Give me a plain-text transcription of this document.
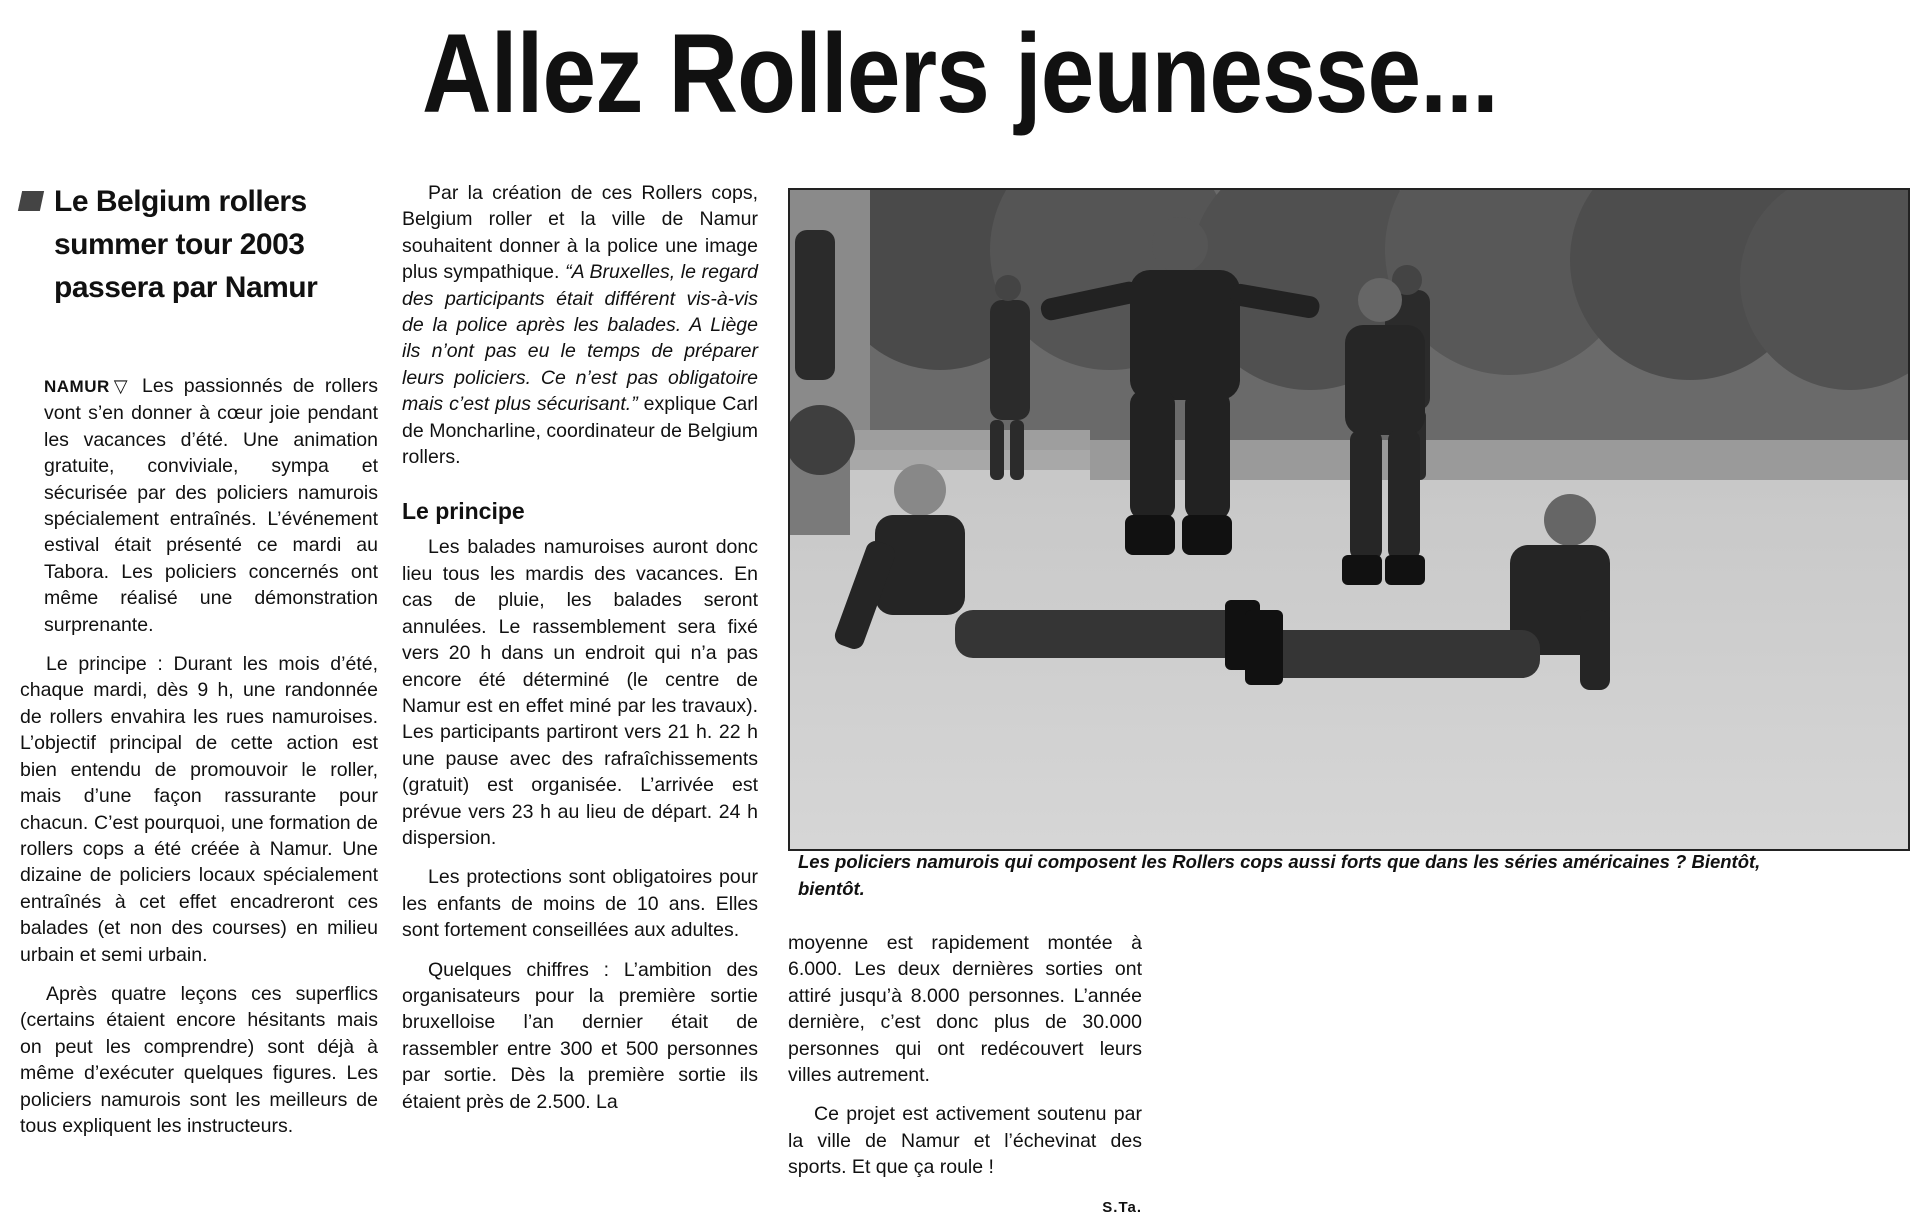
Allez Rollers jeunesse...
Le Belgium rollers
summer tour 2003
passera par Namur

NAMUR ▽ Les passionnés de rollers vont s’en donner à cœur joie pendant les vacances d’été. Une animation gratuite, conviviale, sympa et sécurisée par des policiers namurois spécialement entraînés. L’événement estival était présenté ce mardi au Tabora. Les policiers concernés ont même réalisé une démonstration surprenante.

Le principe : Durant les mois d’été, chaque mardi, dès 9 h, une randonnée de rollers envahira les rues namuroises. L’objectif principal de cette action est bien entendu de promouvoir le roller, mais d’une façon rassurante pour chacun. C’est pourquoi, une formation de rollers cops a été créée à Namur. Une dizaine de policiers locaux spécialement entraînés à cet effet encadreront ces balades (et non des courses) en milieu urbain et semi urbain.

Après quatre leçons ces superflics (certains étaient encore hésitants mais on peut les comprendre) sont déjà à même d’exécuter quelques figures. Les policiers namurois sont les meilleurs de tous expliquent les instructeurs.

Par la création de ces Rollers cops, Belgium roller et la ville de Namur souhaitent donner à la police une image plus sympathique. “A Bruxelles, le regard des participants était différent vis-à-vis de la police après les balades. A Liège ils n’ont pas eu le temps de préparer leurs policiers. Ce n’est pas obligatoire mais c’est plus sécurisant.” explique Carl de Moncharline, coordinateur de Belgium rollers.

Le principe

Les balades namuroises auront donc lieu tous les mardis des vacances. En cas de pluie, les balades seront annulées. Le rassemblement sera fixé vers 20 h dans un endroit qui n’a pas encore été déterminé (le centre de Namur est en effet miné par les travaux). Les participants partiront vers 21 h. 22 h une pause avec des rafraîchissements (gratuit) est organisée. L’arrivée est prévue vers 23 h au lieu de départ. 24 h dispersion.

Les protections sont obligatoires pour les enfants de moins de 10 ans. Elles sont fortement conseillées aux adultes.

Quelques chiffres : L’ambition des organisateurs pour la première sortie bruxelloise l’an dernier était de rassembler entre 300 et 500 personnes par sortie. Dès la première sortie ils étaient près de 2.500. La

Les policiers namurois qui composent les Rollers cops aussi forts que dans les séries américaines ? Bientôt,
bientôt.

moyenne est rapidement montée à 6.000. Les deux dernières sorties ont attiré jusqu’à 8.000 personnes. L’année dernière, c’est donc plus de 30.000 personnes qui ont redécouvert leurs villes autrement.

Ce projet est activement soutenu par la ville de Namur et l’échevinat des sports. Et que ça roule !

S.Ta.
